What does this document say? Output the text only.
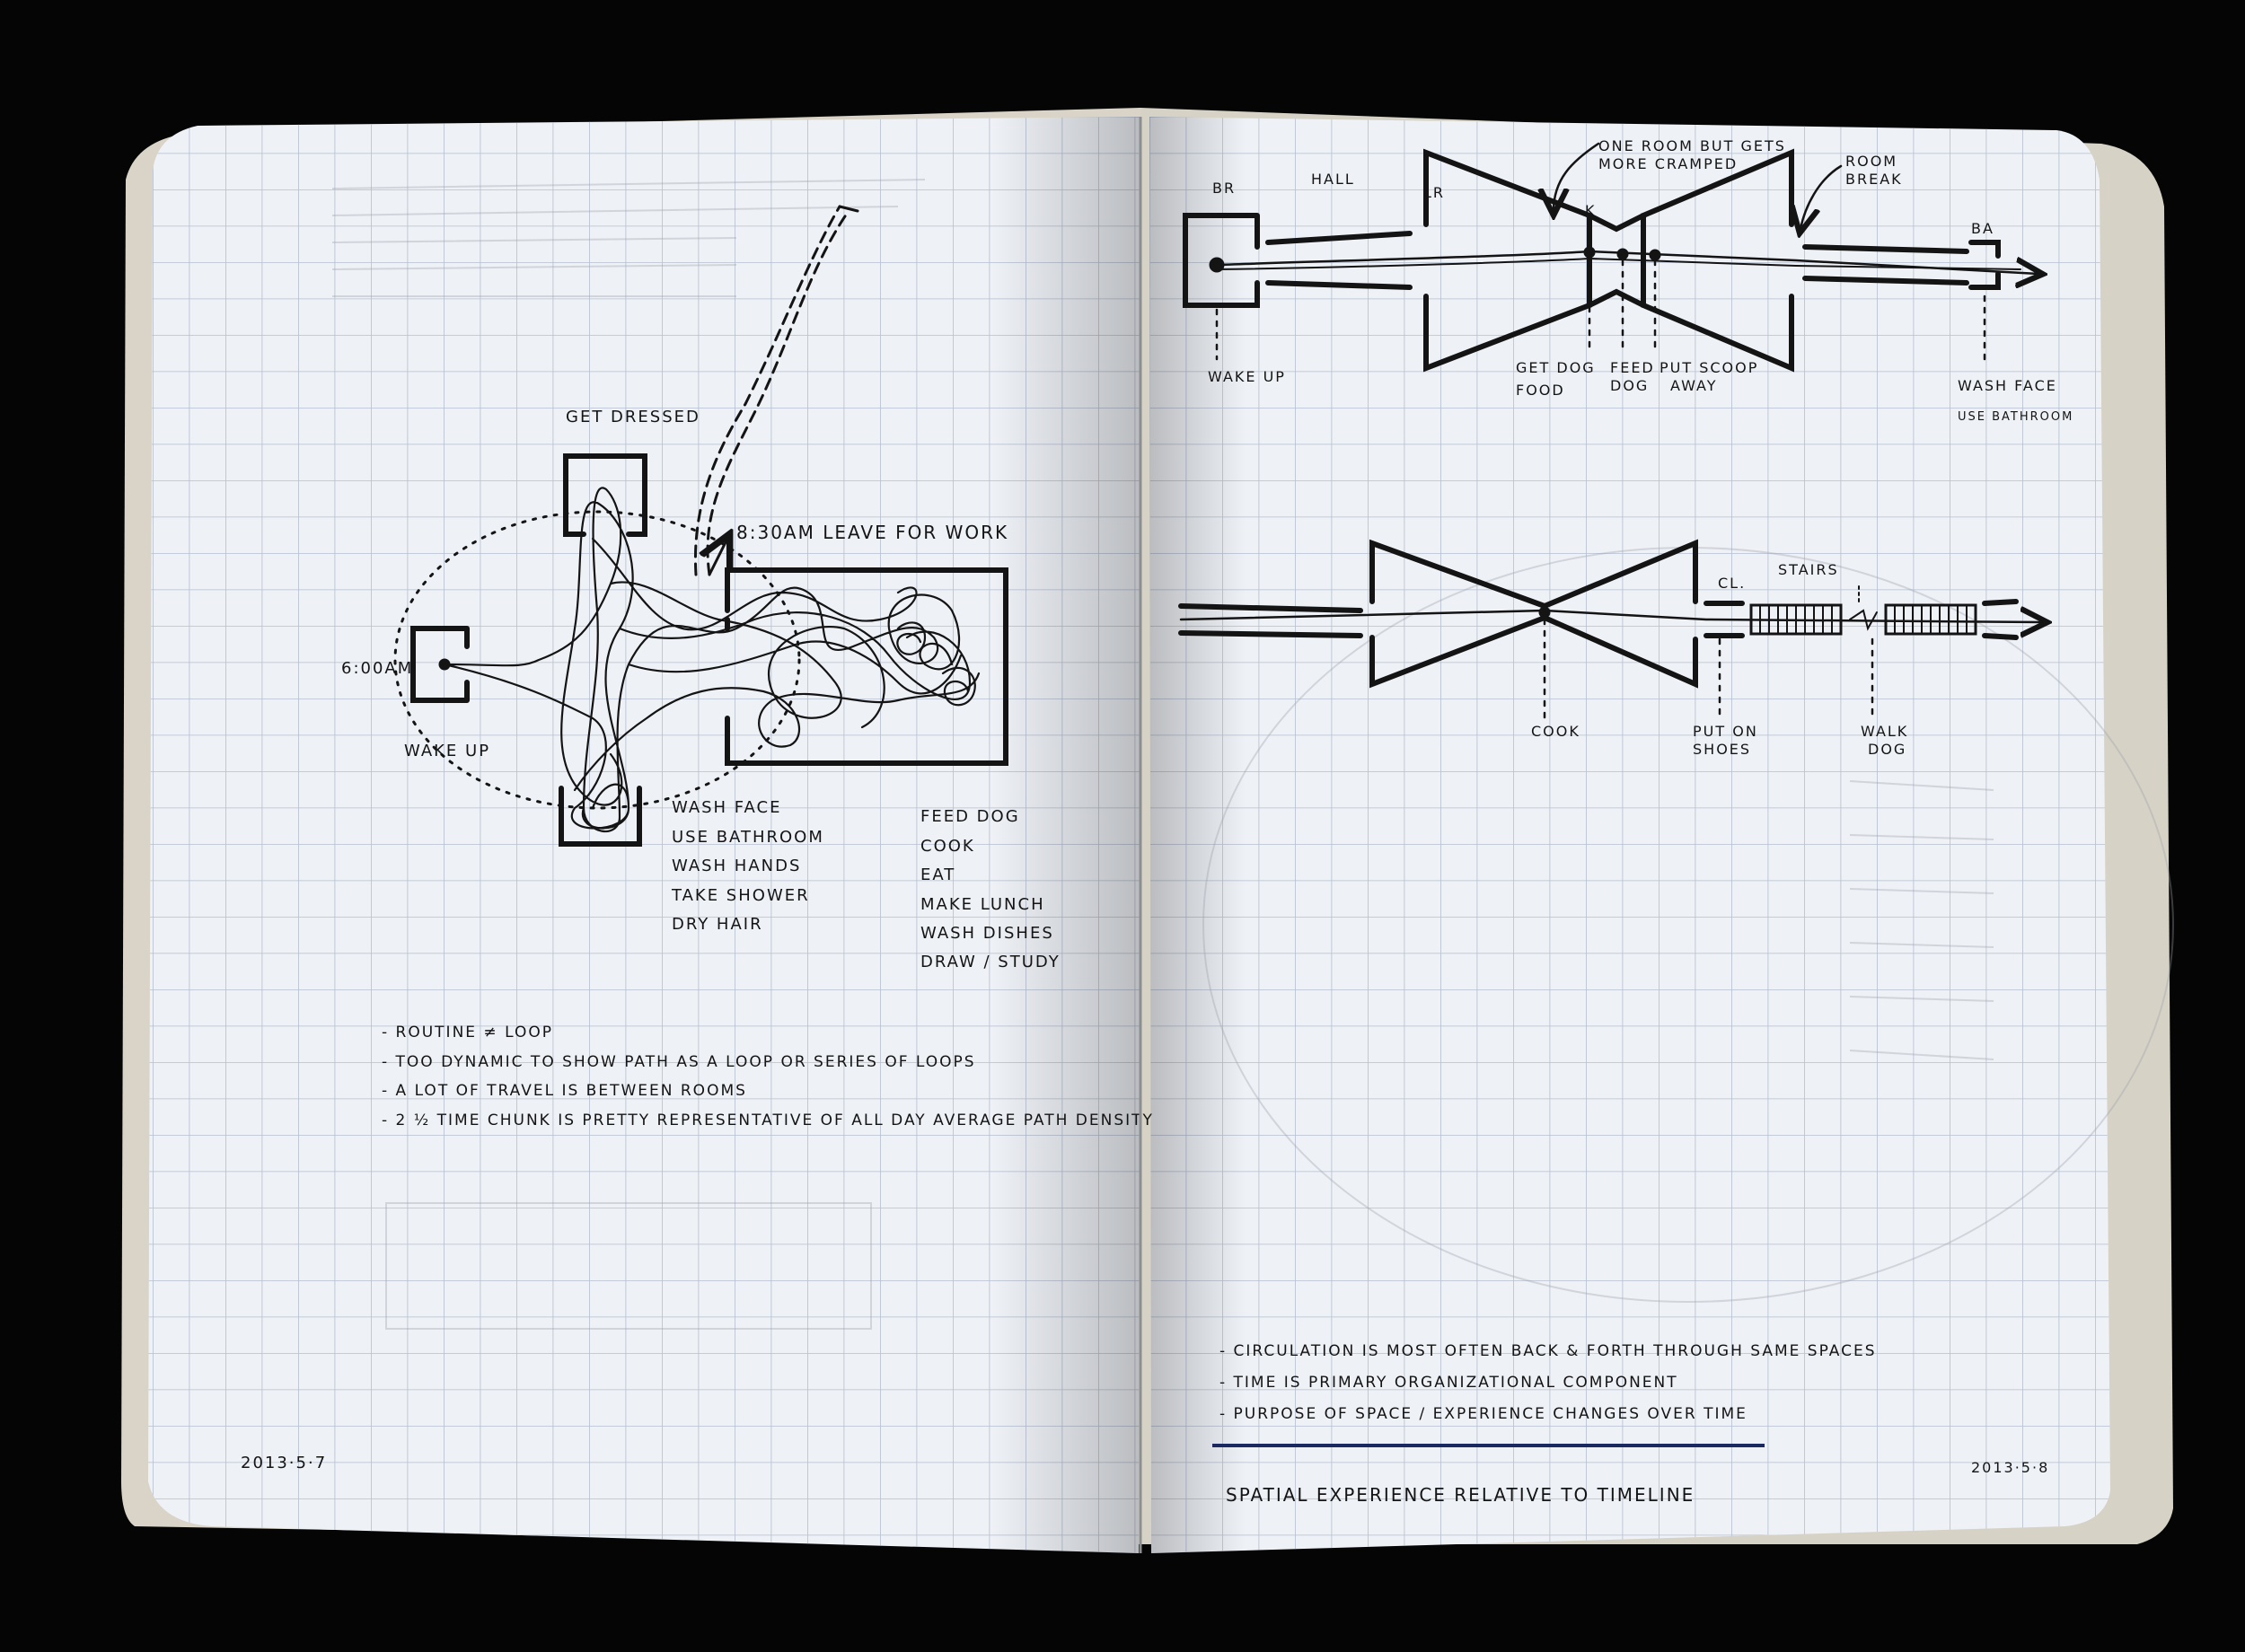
GET DRESSED
6:00AM
WAKE UP
8:30AM LEAVE FOR WORK
WASH FACE
USE BATHROOM
WASH HANDS
TAKE SHOWER
DRY HAIR
FEED DOG
COOK
EAT
MAKE LUNCH
WASH DISHES
DRAW / STUDY
- ROUTINE ≠ LOOP
- TOO DYNAMIC TO SHOW PATH AS A LOOP OR SERIES OF LOOPS
- A LOT OF TRAVEL IS BETWEEN ROOMS
- 2 ½ TIME CHUNK IS PRETTY REPRESENTATIVE OF ALL DAY AVERAGE PATH DENSITY
2013·5·7
BR
HALL
LR
K
BA
ONE ROOM BUT GETS
MORE CRAMPED	ROOM
BREAK
WAKE UP
GET DOG
FOOD
FEED
DOG
PUT SCOOP
AWAY	WASH FACE
USE BATHROOM
CL.
STAIRS
COOK	PUT ON
SHOES
WALK
DOG
- CIRCULATION IS MOST OFTEN BACK & FORTH THROUGH SAME SPACES
- TIME IS PRIMARY ORGANIZATIONAL COMPONENT
- PURPOSE OF SPACE / EXPERIENCE CHANGES OVER TIME
SPATIAL EXPERIENCE RELATIVE TO TIMELINE
2013·5·8
